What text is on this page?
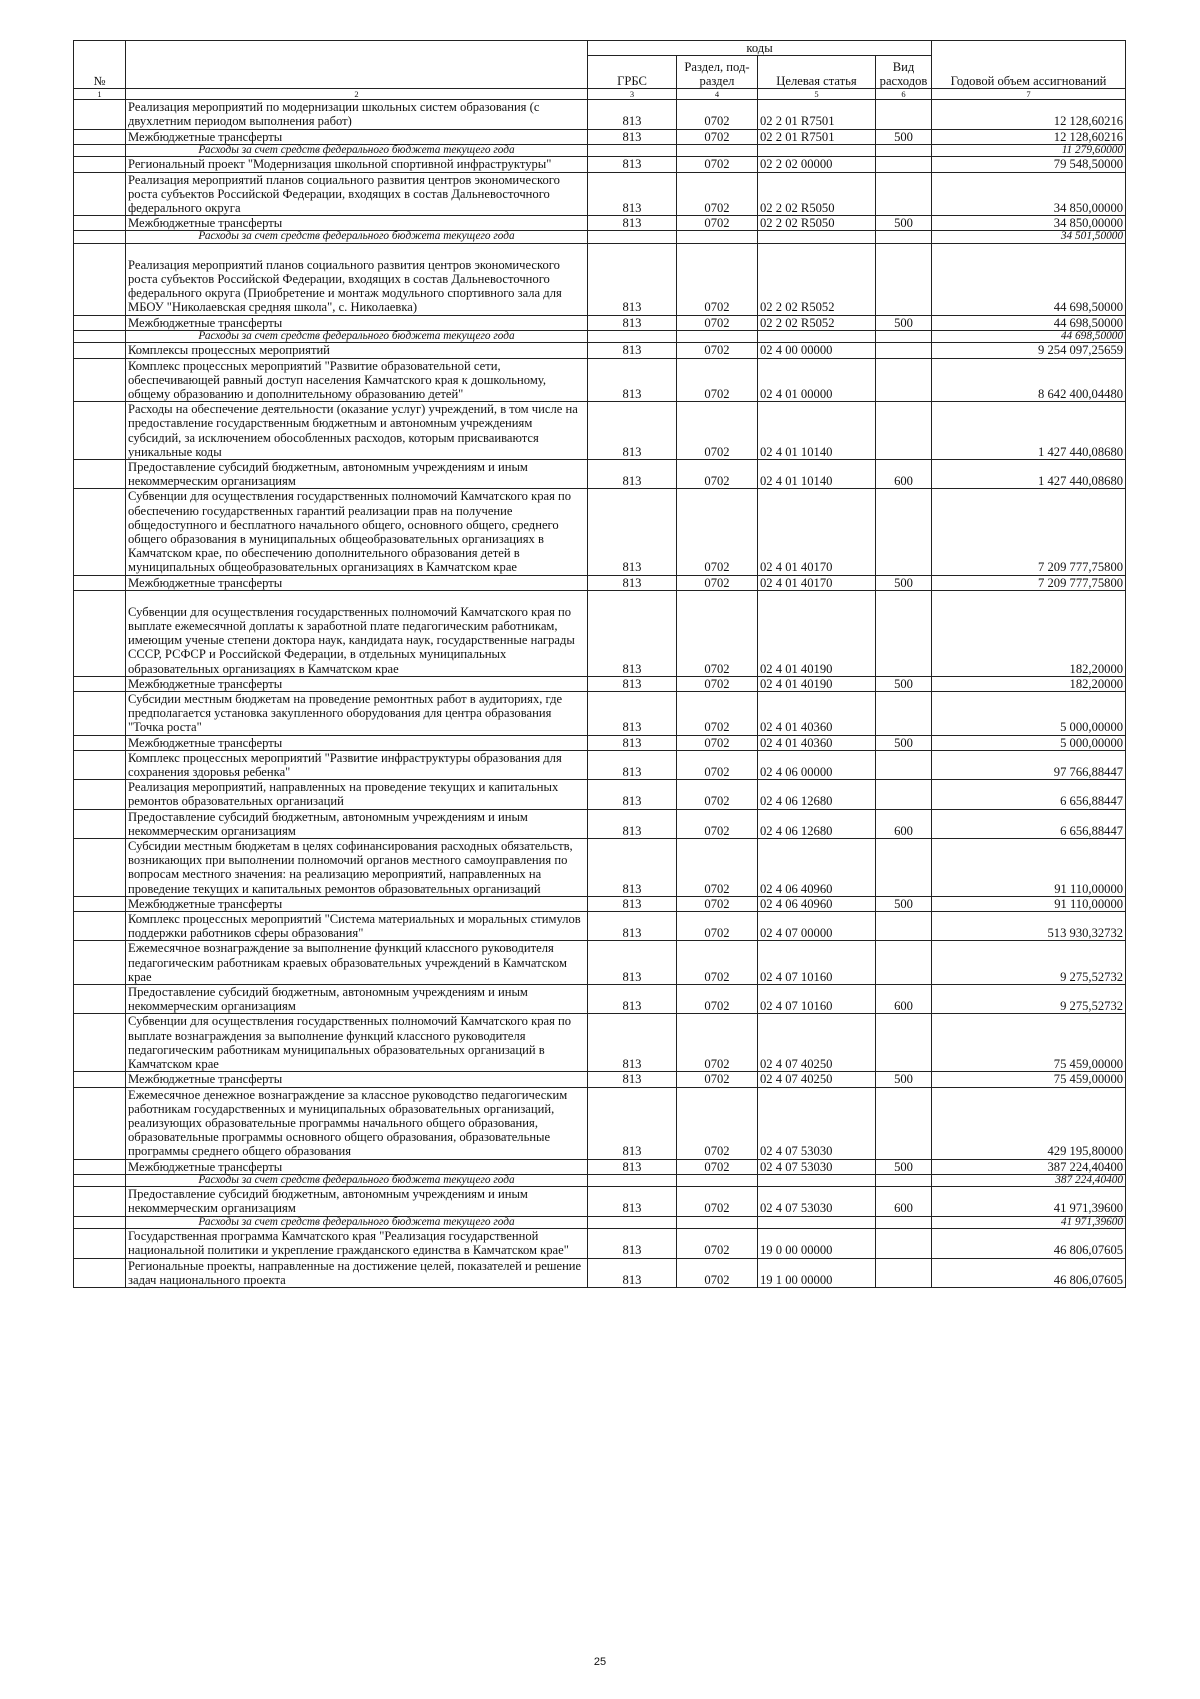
№		коды				Годовой объем ассигнований
		ГРБС	Раздел, под-раздел	Целевая статья	Вид расходов	
1	2	3	4	5	6	7
	Реализация мероприятий по модернизации школьных систем образования (с двухлетним периодом выполнения работ)	813	0702	02 2 01 R7501		12 128,60216
	Межбюджетные трансферты	813	0702	02 2 01 R7501	500	12 128,60216
	Расходы за счет средств федерального бюджета текущего года					11 279,60000
	Региональный проект "Модернизация школьной спортивной инфраструктуры"	813	0702	02 2 02 00000		79 548,50000
	Реализация мероприятий планов социального развития центров экономического роста субъектов Российской Федерации, входящих в состав Дальневосточного федерального округа	813	0702	02 2 02 R5050		34 850,00000
	Межбюджетные трансферты	813	0702	02 2 02 R5050	500	34 850,00000
	Расходы за счет средств федерального бюджета текущего года					34 501,50000
	Реализация мероприятий планов социального развития центров экономического роста субъектов Российской Федерации, входящих в состав Дальневосточного федерального округа (Приобретение и монтаж модульного спортивного зала для МБОУ "Николаевская средняя школа", с. Николаевка)	813	0702	02 2 02 R5052		44 698,50000
	Межбюджетные трансферты	813	0702	02 2 02 R5052	500	44 698,50000
	Расходы за счет средств федерального бюджета текущего года					44 698,50000
	Комплексы процессных мероприятий	813	0702	02 4 00 00000		9 254 097,25659
	Комплекс процессных мероприятий "Развитие образовательной сети, обеспечивающей равный доступ населения Камчатского края к дошкольному, общему образованию и дополнительному образованию детей"	813	0702	02 4 01 00000		8 642 400,04480
	Расходы на обеспечение деятельности (оказание услуг) учреждений, в том числе на предоставление государственным бюджетным и автономным учреждениям субсидий, за исключением обособленных расходов, которым присваиваются уникальные коды	813	0702	02 4 01 10140		1 427 440,08680
	Предоставление субсидий бюджетным, автономным учреждениям и иным некоммерческим организациям	813	0702	02 4 01 10140	600	1 427 440,08680
	Субвенции для осуществления государственных полномочий Камчатского края по обеспечению государственных гарантий реализации прав на получение общедоступного и бесплатного начального общего, основного общего, среднего общего образования в муниципальных общеобразовательных организациях в Камчатском крае, по обеспечению дополнительного образования детей в муниципальных общеобразовательных организациях в Камчатском крае	813	0702	02 4 01 40170		7 209 777,75800
	Межбюджетные трансферты	813	0702	02 4 01 40170	500	7 209 777,75800
	Субвенции для осуществления государственных полномочий Камчатского края по выплате ежемесячной доплаты к заработной плате педагогическим работникам, имеющим ученые степени доктора наук, кандидата наук, государственные награды СССР, РСФСР и Российской Федерации, в отдельных муниципальных образовательных организациях в Камчатском крае	813	0702	02 4 01 40190		182,20000
	Межбюджетные трансферты	813	0702	02 4 01 40190	500	182,20000
	Субсидии местным бюджетам на проведение ремонтных работ в аудиториях, где предполагается установка закупленного оборудования для центра образования "Точка роста"	813	0702	02 4 01 40360		5 000,00000
	Межбюджетные трансферты	813	0702	02 4 01 40360	500	5 000,00000
	Комплекс процессных мероприятий "Развитие инфраструктуры образования для сохранения здоровья ребенка"	813	0702	02 4 06 00000		97 766,88447
	Реализация мероприятий, направленных на проведение текущих и капитальных ремонтов образовательных организаций	813	0702	02 4 06 12680		6 656,88447
	Предоставление субсидий бюджетным, автономным учреждениям и иным некоммерческим организациям	813	0702	02 4 06 12680	600	6 656,88447
	Субсидии местным бюджетам в целях софинансирования расходных обязательств, возникающих при выполнении полномочий органов местного самоуправления по вопросам местного значения: на реализацию мероприятий, направленных на проведение текущих и капитальных ремонтов образовательных организаций	813	0702	02 4 06 40960		91 110,00000
	Межбюджетные трансферты	813	0702	02 4 06 40960	500	91 110,00000
	Комплекс процессных мероприятий "Система материальных и моральных стимулов поддержки работников сферы образования"	813	0702	02 4 07 00000		513 930,32732
	Ежемесячное вознаграждение за выполнение функций классного руководителя педагогическим работникам краевых образовательных учреждений в Камчатском крае	813	0702	02 4 07 10160		9 275,52732
	Предоставление субсидий бюджетным, автономным учреждениям и иным некоммерческим организациям	813	0702	02 4 07 10160	600	9 275,52732
	Субвенции для осуществления государственных полномочий Камчатского края по выплате вознаграждения за выполнение функций классного руководителя педагогическим работникам муниципальных образовательных организаций в Камчатском крае	813	0702	02 4 07 40250		75 459,00000
	Межбюджетные трансферты	813	0702	02 4 07 40250	500	75 459,00000
	Ежемесячное денежное вознаграждение за классное руководство педагогическим работникам государственных и муниципальных образовательных организаций, реализующих образовательные программы начального общего образования, образовательные программы основного общего образования, образовательные программы среднего общего образования	813	0702	02 4 07 53030		429 195,80000
	Межбюджетные трансферты	813	0702	02 4 07 53030	500	387 224,40400
	Расходы за счет средств федерального бюджета текущего года					387 224,40400
	Предоставление субсидий бюджетным, автономным учреждениям и иным некоммерческим организациям	813	0702	02 4 07 53030	600	41 971,39600
	Расходы за счет средств федерального бюджета текущего года					41 971,39600
	Государственная программа Камчатского края "Реализация государственной национальной политики и укрепление гражданского единства в Камчатском крае"	813	0702	19 0 00 00000		46 806,07605
	Региональные проекты, направленные на достижение целей, показателей и решение задач национального проекта	813	0702	19 1 00 00000		46 806,07605
25
